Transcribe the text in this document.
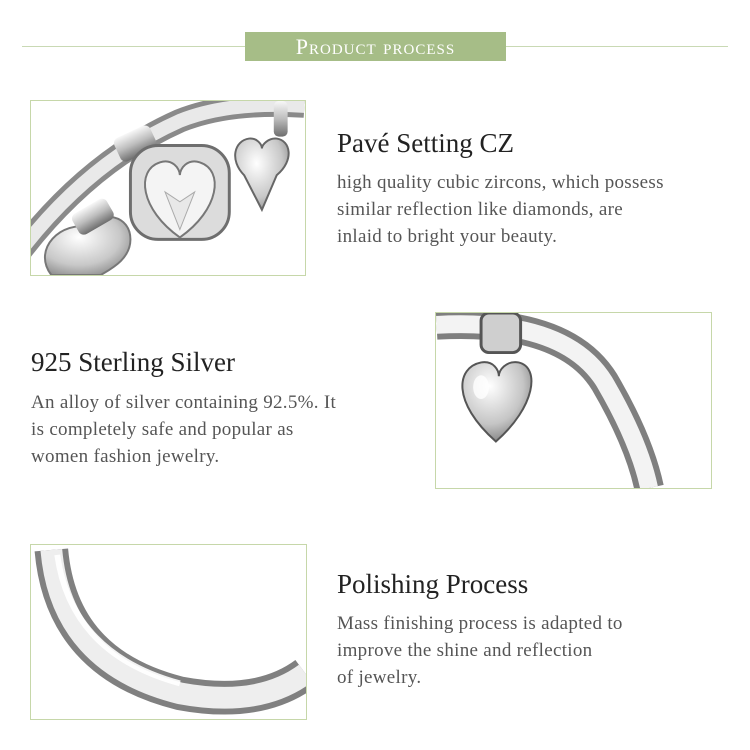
Product process
Pavé Setting CZ
high quality cubic zircons, which possess
similar reflection like diamonds, are
inlaid to bright your beauty.
925 Sterling Silver
An alloy of silver containing 92.5%. It
is completely safe and popular as
women fashion jewelry.
Polishing Process
Mass finishing process is adapted to
improve the shine and reflection
of jewelry.
